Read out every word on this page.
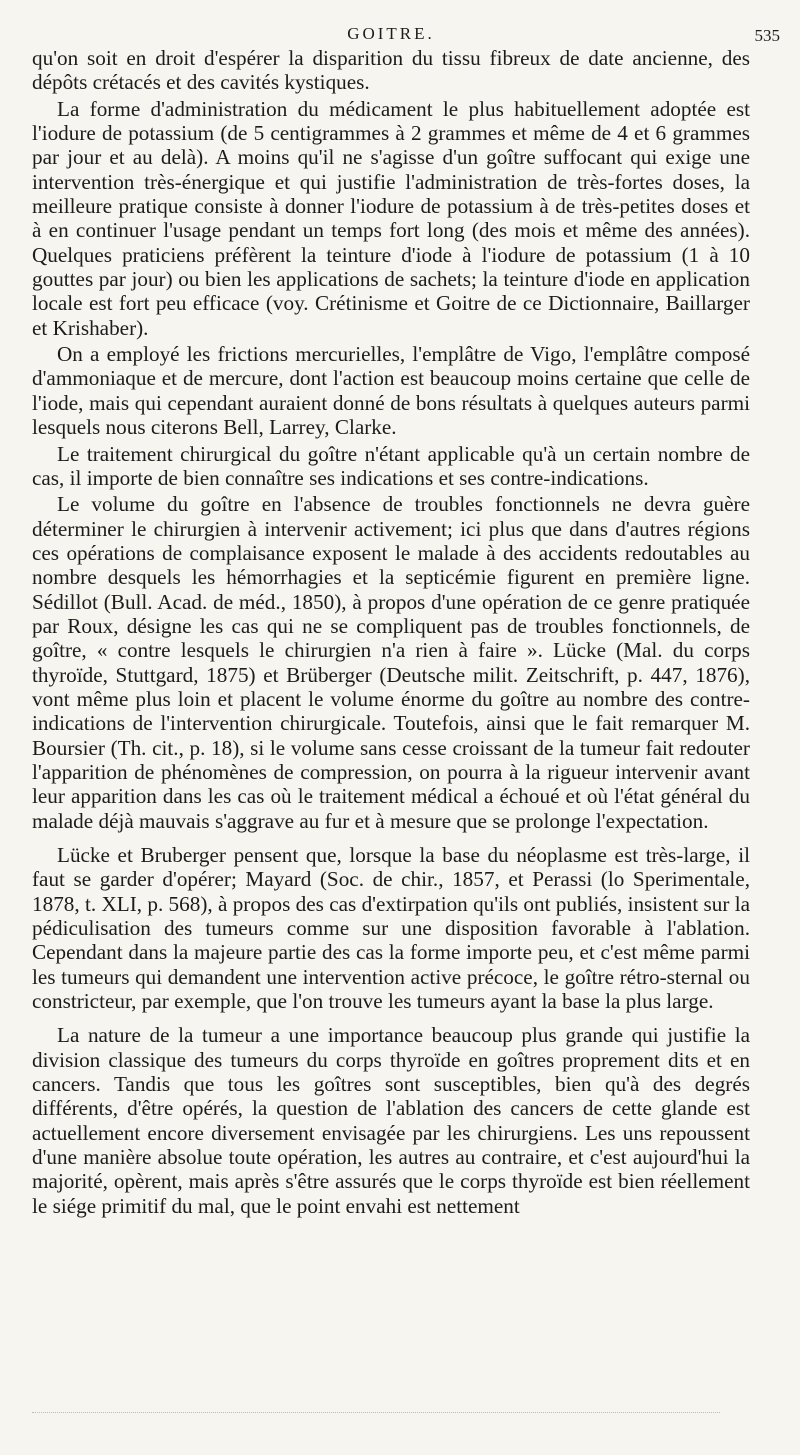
GOITRE.	535

qu'on soit en droit d'espérer la disparition du tissu fibreux de date ancienne, des dépôts crétacés et des cavités kystiques.

La forme d'administration du médicament le plus habituellement adoptée est l'iodure de potassium (de 5 centigrammes à 2 grammes et même de 4 et 6 grammes par jour et au delà). A moins qu'il ne s'agisse d'un goître suffocant qui exige une intervention très-énergique et qui justifie l'administration de très-fortes doses, la meilleure pratique consiste à donner l'iodure de potassium à de très-petites doses et à en continuer l'usage pendant un temps fort long (des mois et même des années). Quelques praticiens préfèrent la teinture d'iode à l'iodure de potassium (1 à 10 gouttes par jour) ou bien les applications de sachets; la teinture d'iode en application locale est fort peu efficace (voy. Crétinisme et Goitre de ce Dictionnaire, Baillarger et Krishaber).

On a employé les frictions mercurielles, l'emplâtre de Vigo, l'emplâtre composé d'ammoniaque et de mercure, dont l'action est beaucoup moins certaine que celle de l'iode, mais qui cependant auraient donné de bons résultats à quelques auteurs parmi lesquels nous citerons Bell, Larrey, Clarke.

Le traitement chirurgical du goître n'étant applicable qu'à un certain nombre de cas, il importe de bien connaître ses indications et ses contre-indications.

Le volume du goître en l'absence de troubles fonctionnels ne devra guère déterminer le chirurgien à intervenir activement; ici plus que dans d'autres régions ces opérations de complaisance exposent le malade à des accidents redoutables au nombre desquels les hémorrhagies et la septicémie figurent en première ligne. Sédillot (Bull. Acad. de méd., 1850), à propos d'une opération de ce genre pratiquée par Roux, désigne les cas qui ne se compliquent pas de troubles fonctionnels, de goître, « contre lesquels le chirurgien n'a rien à faire ». Lücke (Mal. du corps thyroïde, Stuttgard, 1875) et Brüberger (Deutsche milit. Zeitschrift, p. 447, 1876), vont même plus loin et placent le volume énorme du goître au nombre des contre-indications de l'intervention chirurgicale. Toutefois, ainsi que le fait remarquer M. Boursier (Th. cit., p. 18), si le volume sans cesse croissant de la tumeur fait redouter l'apparition de phénomènes de compression, on pourra à la rigueur intervenir avant leur apparition dans les cas où le traitement médical a échoué et où l'état général du malade déjà mauvais s'aggrave au fur et à mesure que se prolonge l'expectation.

Lücke et Bruberger pensent que, lorsque la base du néoplasme est très-large, il faut se garder d'opérer; Mayard (Soc. de chir., 1857, et Perassi (lo Sperimentale, 1878, t. XLI, p. 568), à propos des cas d'extirpation qu'ils ont publiés, insistent sur la pédiculisation des tumeurs comme sur une disposition favorable à l'ablation. Cependant dans la majeure partie des cas la forme importe peu, et c'est même parmi les tumeurs qui demandent une intervention active précoce, le goître rétro-sternal ou constricteur, par exemple, que l'on trouve les tumeurs ayant la base la plus large.

La nature de la tumeur a une importance beaucoup plus grande qui justifie la division classique des tumeurs du corps thyroïde en goîtres proprement dits et en cancers. Tandis que tous les goîtres sont susceptibles, bien qu'à des degrés différents, d'être opérés, la question de l'ablation des cancers de cette glande est actuellement encore diversement envisagée par les chirurgiens. Les uns repoussent d'une manière absolue toute opération, les autres au contraire, et c'est aujourd'hui la majorité, opèrent, mais après s'être assurés que le corps thyroïde est bien réellement le siége primitif du mal, que le point envahi est nettement
